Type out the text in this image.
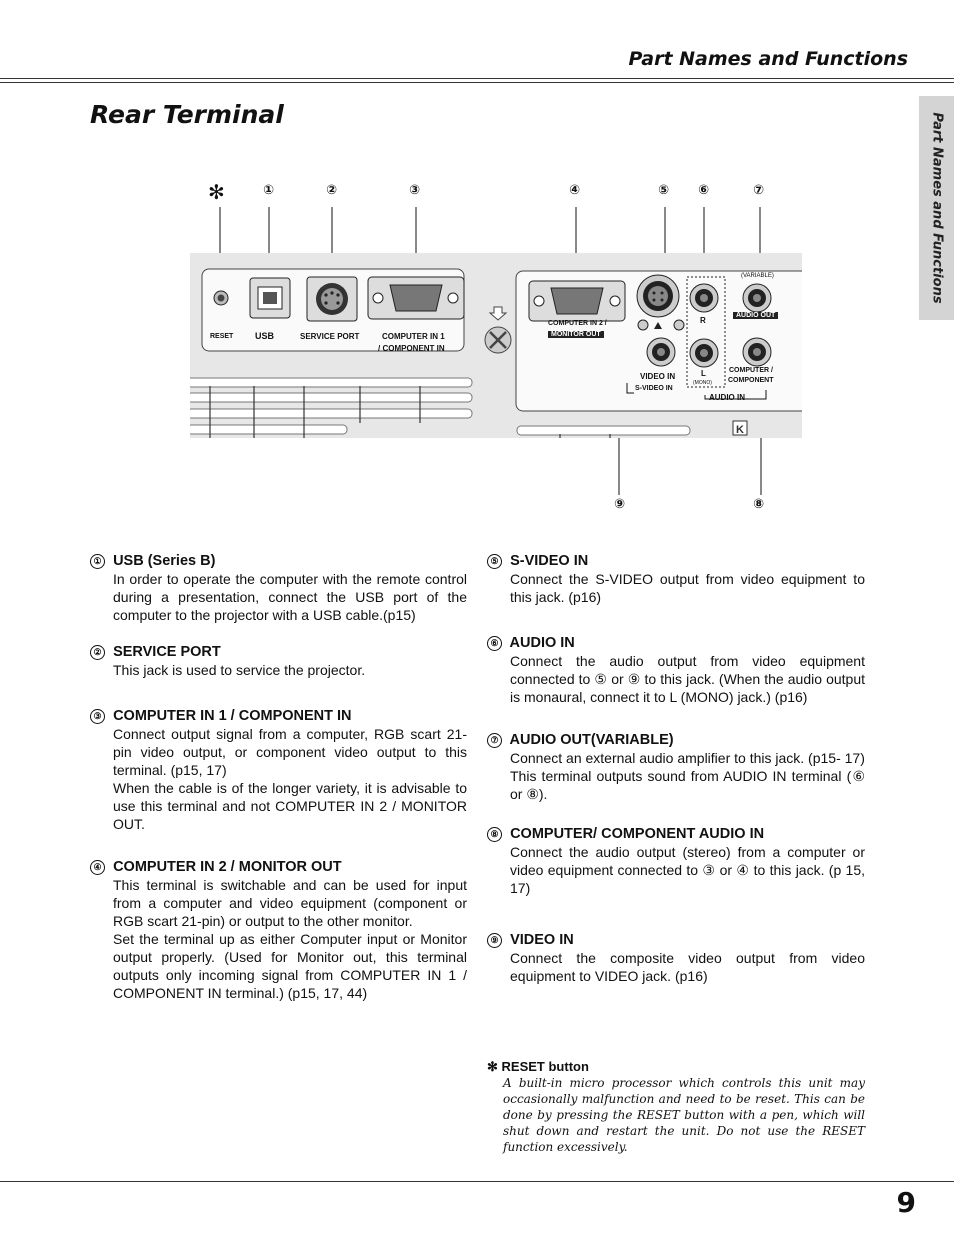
Part Names and Functions
Rear Terminal	Part Names and Functions
✻	①	②	③	④	⑤ ⑥	⑦
⑨	⑧
K
RESET USB	SERVICE PORT	COMPUTER IN 1
/ COMPONENT IN
COMPUTER IN 2 /
MONITOR OUT
R
L
(MONO)
(VARIABLE)
AUDIO OUT
VIDEO IN
S-VIDEO IN
AUDIO IN
COMPUTER /
COMPONENT
① USB (Series B)
In order to operate the computer with the remote control during a presentation, connect the USB port of the computer to the projector with a USB cable.(p15)
② SERVICE PORT
This jack is used to service the projector.
③ COMPUTER IN 1 / COMPONENT IN
Connect output signal from a computer, RGB scart 21-pin video output, or component video output to this terminal. (p15, 17)
When the cable is of the longer variety, it is advisable to use this terminal and not COMPUTER IN 2 / MONITOR OUT.
④ COMPUTER IN 2 / MONITOR OUT
This terminal is switchable and can be used for input from a computer and video equipment (component or RGB scart 21-pin) or output to the other monitor.
Set the terminal up as either Computer input or Monitor output properly. (Used for Monitor out, this terminal outputs only incoming signal from COMPUTER IN 1 / COMPONENT IN terminal.) (p15, 17, 44)
⑤ S-VIDEO IN
Connect the S-VIDEO output from video equipment to this jack. (p16)
⑥ AUDIO IN
Connect the audio output from video equipment connected to ⑤ or ⑨ to this jack. (When the audio output is monaural, connect it to L (MONO) jack.) (p16)
⑦ AUDIO OUT(VARIABLE)
Connect an external audio amplifier to this jack. (p15- 17)
This terminal outputs sound from AUDIO IN terminal (⑥ or ⑧).
⑧ COMPUTER/ COMPONENT AUDIO IN
Connect the audio output (stereo) from a computer or video equipment connected to ③ or ④ to this jack. (p 15, 17)
⑨ VIDEO IN
Connect the composite video output from video equipment to VIDEO jack. (p16)
✻ RESET button
A built-in micro processor which controls this unit may occasionally malfunction and need to be reset. This can be done by pressing the RESET button with a pen, which will shut down and restart the unit. Do not use the RESET function excessively.
9
